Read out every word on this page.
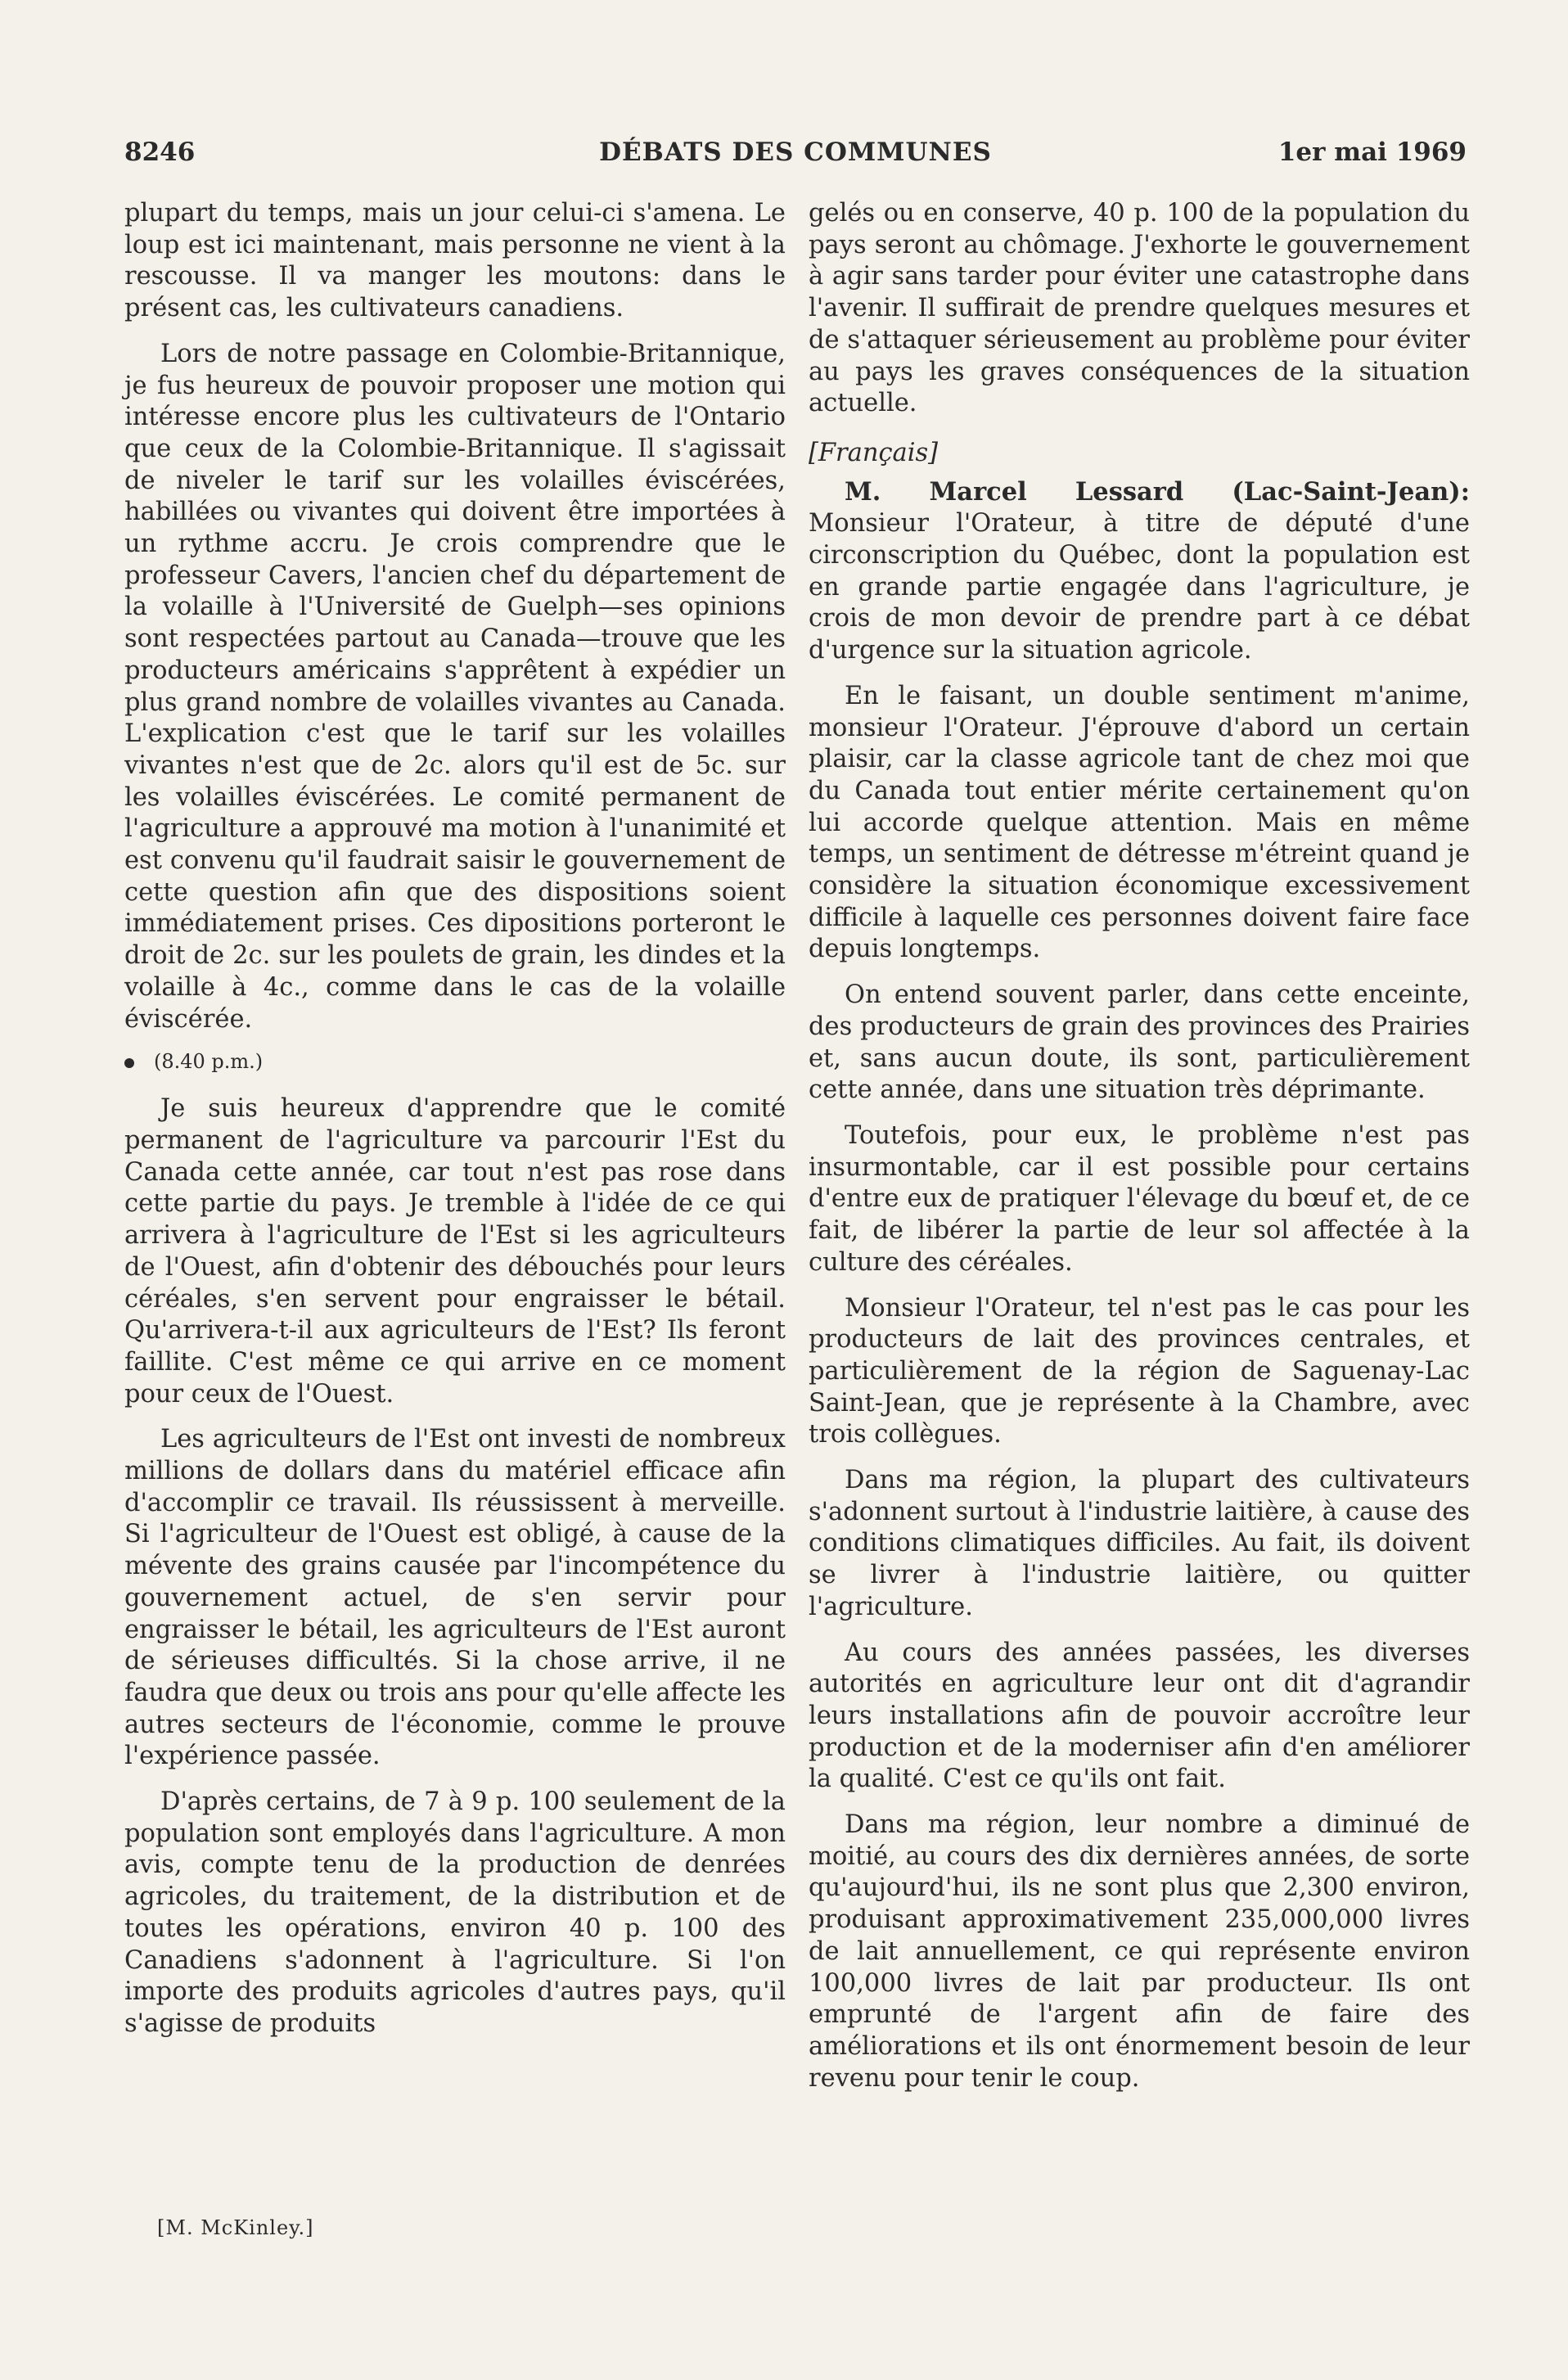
8246	DÉBATS DES COMMUNES	1er mai 1969

plupart du temps, mais un jour celui-ci s'amena. Le loup est ici maintenant, mais personne ne vient à la rescousse. Il va manger les moutons: dans le présent cas, les cultivateurs canadiens.

Lors de notre passage en Colombie-Britannique, je fus heureux de pouvoir proposer une motion qui intéresse encore plus les cultivateurs de l'Ontario que ceux de la Colombie-Britannique. Il s'agissait de niveler le tarif sur les volailles éviscérées, habillées ou vivantes qui doivent être importées à un rythme accru. Je crois comprendre que le professeur Cavers, l'ancien chef du département de la volaille à l'Université de Guelph—ses opinions sont respectées partout au Canada—trouve que les producteurs américains s'apprêtent à expédier un plus grand nombre de volailles vivantes au Canada. L'explication c'est que le tarif sur les volailles vivantes n'est que de 2c. alors qu'il est de 5c. sur les volailles éviscérées. Le comité permanent de l'agriculture a approuvé ma motion à l'unanimité et est convenu qu'il faudrait saisir le gouvernement de cette question afin que des dispositions soient immédiatement prises. Ces dipositions porteront le droit de 2c. sur les poulets de grain, les dindes et la volaille à 4c., comme dans le cas de la volaille éviscérée.

(8.40 p.m.)

Je suis heureux d'apprendre que le comité permanent de l'agriculture va parcourir l'Est du Canada cette année, car tout n'est pas rose dans cette partie du pays. Je tremble à l'idée de ce qui arrivera à l'agriculture de l'Est si les agriculteurs de l'Ouest, afin d'obtenir des débouchés pour leurs céréales, s'en servent pour engraisser le bétail. Qu'arrivera-t-il aux agriculteurs de l'Est? Ils feront faillite. C'est même ce qui arrive en ce moment pour ceux de l'Ouest.

Les agriculteurs de l'Est ont investi de nombreux millions de dollars dans du matériel efficace afin d'accomplir ce travail. Ils réussissent à merveille. Si l'agriculteur de l'Ouest est obligé, à cause de la mévente des grains causée par l'incompétence du gouvernement actuel, de s'en servir pour engraisser le bétail, les agriculteurs de l'Est auront de sérieuses difficultés. Si la chose arrive, il ne faudra que deux ou trois ans pour qu'elle affecte les autres secteurs de l'économie, comme le prouve l'expérience passée.

D'après certains, de 7 à 9 p. 100 seulement de la population sont employés dans l'agriculture. A mon avis, compte tenu de la production de denrées agricoles, du traitement, de la distribution et de toutes les opérations, environ 40 p. 100 des Canadiens s'adonnent à l'agriculture. Si l'on importe des produits agricoles d'autres pays, qu'il s'agisse de produits

[M. McKinley.]

gelés ou en conserve, 40 p. 100 de la population du pays seront au chômage. J'exhorte le gouvernement à agir sans tarder pour éviter une catastrophe dans l'avenir. Il suffirait de prendre quelques mesures et de s'attaquer sérieusement au problème pour éviter au pays les graves conséquences de la situation actuelle.

[Français]

M. Marcel Lessard (Lac-Saint-Jean): Monsieur l'Orateur, à titre de député d'une circonscription du Québec, dont la population est en grande partie engagée dans l'agriculture, je crois de mon devoir de prendre part à ce débat d'urgence sur la situation agricole.

En le faisant, un double sentiment m'anime, monsieur l'Orateur. J'éprouve d'abord un certain plaisir, car la classe agricole tant de chez moi que du Canada tout entier mérite certainement qu'on lui accorde quelque attention. Mais en même temps, un sentiment de détresse m'étreint quand je considère la situation économique excessivement difficile à laquelle ces personnes doivent faire face depuis longtemps.

On entend souvent parler, dans cette enceinte, des producteurs de grain des provinces des Prairies et, sans aucun doute, ils sont, particulièrement cette année, dans une situation très déprimante.

Toutefois, pour eux, le problème n'est pas insurmontable, car il est possible pour certains d'entre eux de pratiquer l'élevage du bœuf et, de ce fait, de libérer la partie de leur sol affectée à la culture des céréales.

Monsieur l'Orateur, tel n'est pas le cas pour les producteurs de lait des provinces centrales, et particulièrement de la région de Saguenay-Lac Saint-Jean, que je représente à la Chambre, avec trois collègues.

Dans ma région, la plupart des cultivateurs s'adonnent surtout à l'industrie laitière, à cause des conditions climatiques difficiles. Au fait, ils doivent se livrer à l'industrie laitière, ou quitter l'agriculture.

Au cours des années passées, les diverses autorités en agriculture leur ont dit d'agrandir leurs installations afin de pouvoir accroître leur production et de la moderniser afin d'en améliorer la qualité. C'est ce qu'ils ont fait.

Dans ma région, leur nombre a diminué de moitié, au cours des dix dernières années, de sorte qu'aujourd'hui, ils ne sont plus que 2,300 environ, produisant approximativement 235,000,000 livres de lait annuellement, ce qui représente environ 100,000 livres de lait par producteur. Ils ont emprunté de l'argent afin de faire des améliorations et ils ont énormement besoin de leur revenu pour tenir le coup.
